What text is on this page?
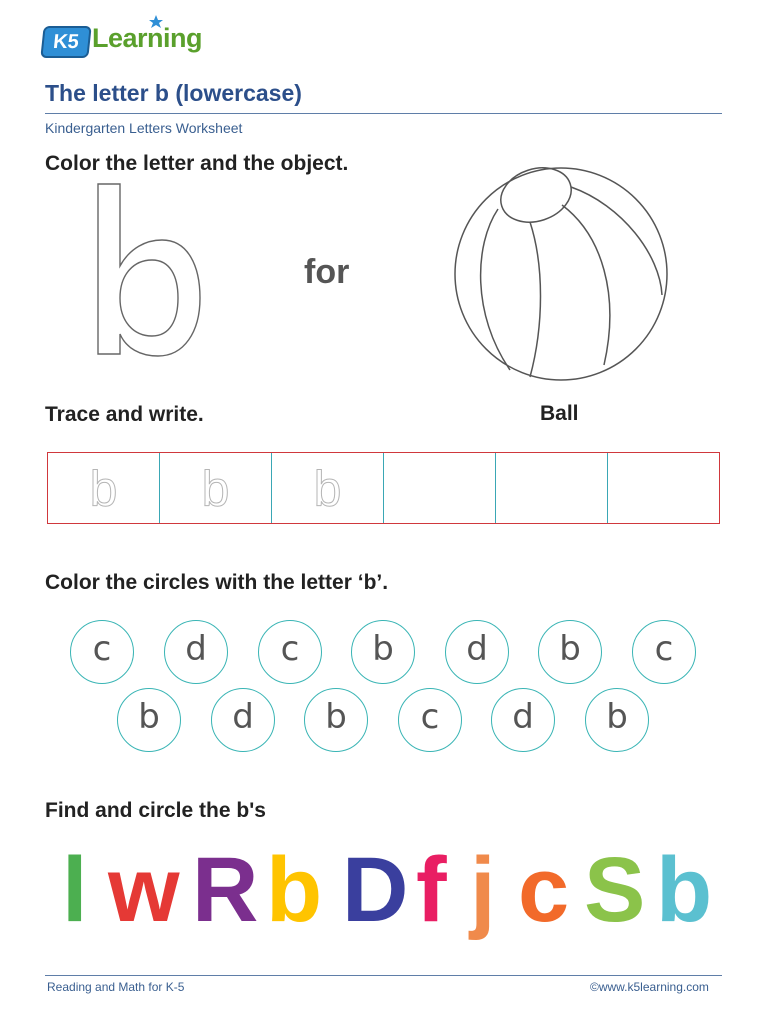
K5 Learning
The letter b (lowercase)
Kindergarten Letters Worksheet
Color the letter and the object.
for
Ball
Trace and write.
b b b
Color the circles with the letter ‘b’.
c d c b d b c
b d b c d b
Find and circle the b's
l w R b D f j c S b
Reading and Math for K-5	©www.k5learning.com
